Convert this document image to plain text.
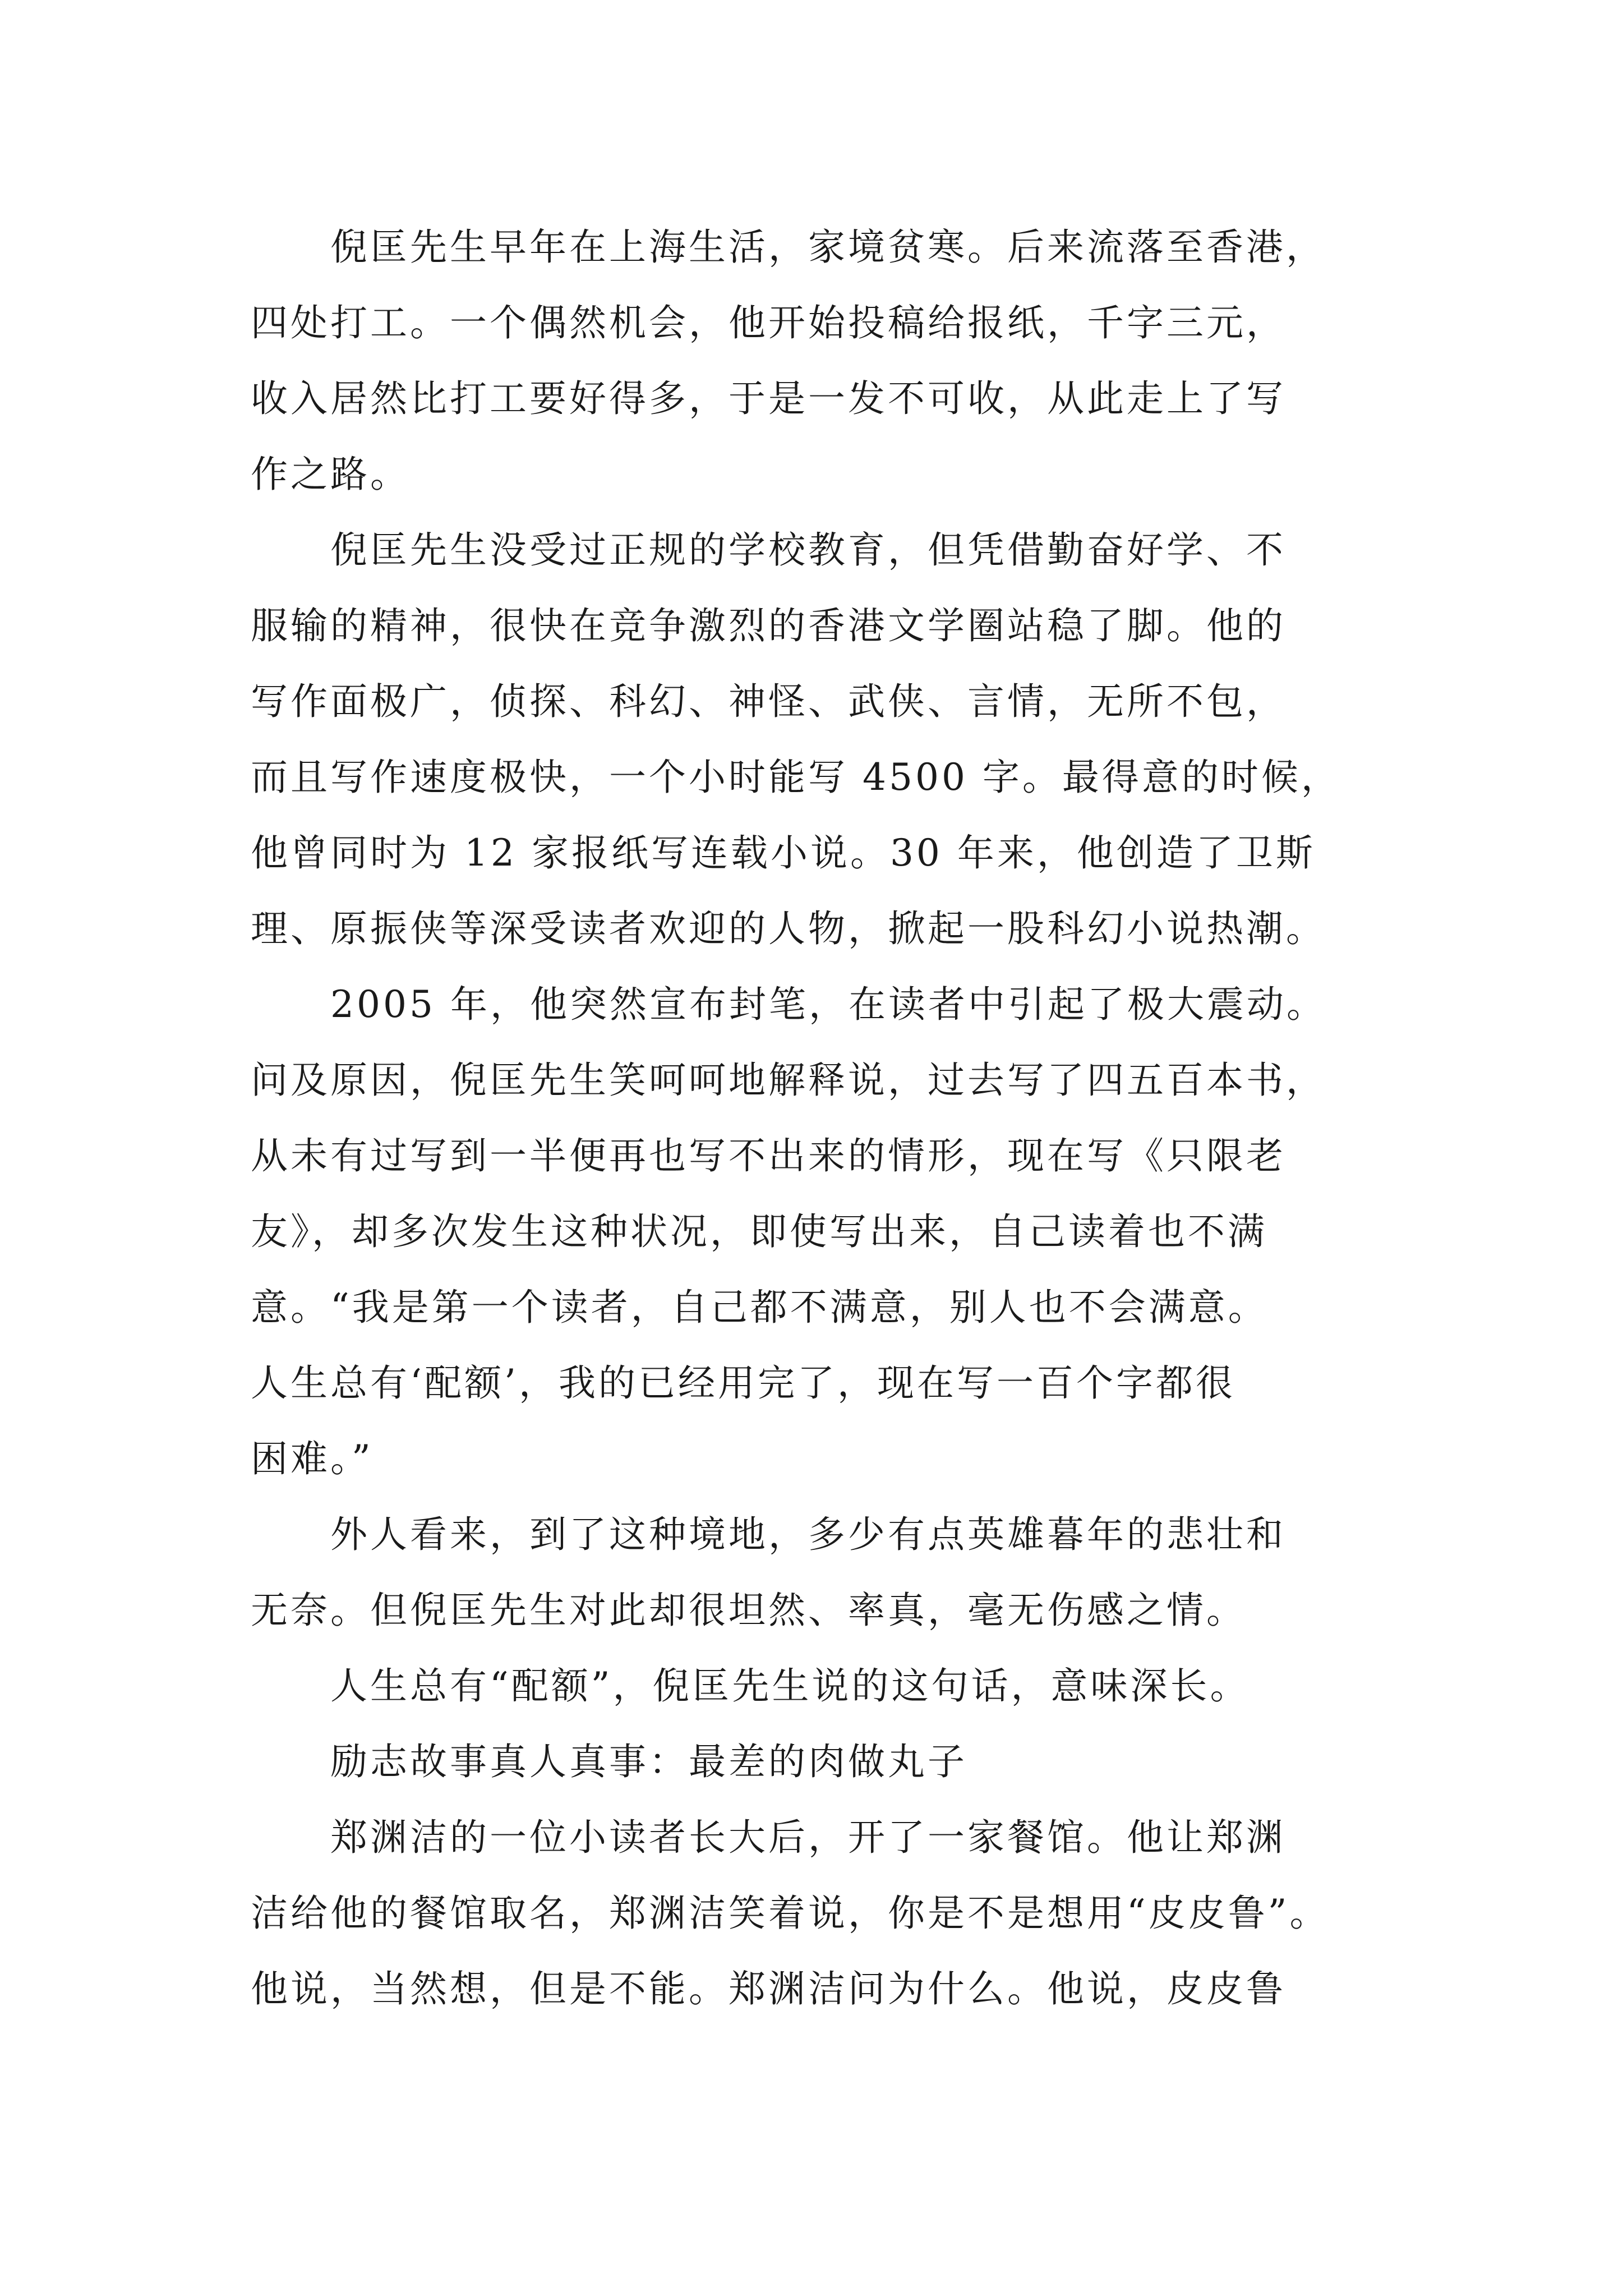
倪匡先生早年在上海生活，家境贫寒。后来流落至香港，
四处打工。一个偶然机会，他开始投稿给报纸，千字三元，
收入居然比打工要好得多，于是一发不可收，从此走上了写
作之路。
倪匡先生没受过正规的学校教育，但凭借勤奋好学、不
服输的精神，很快在竞争激烈的香港文学圈站稳了脚。他的
写作面极广，侦探、科幻、神怪、武侠、言情，无所不包，
而且写作速度极快，一个小时能写 4500 字。最得意的时候，
他曾同时为 12 家报纸写连载小说。30 年来，他创造了卫斯
理、原振侠等深受读者欢迎的人物，掀起一股科幻小说热潮。
2005 年，他突然宣布封笔，在读者中引起了极大震动。
问及原因，倪匡先生笑呵呵地解释说，过去写了四五百本书，
从未有过写到一半便再也写不出来的情形，现在写《只限老
友》，却多次发生这种状况，即使写出来，自己读着也不满
意。“我是第一个读者，自己都不满意，别人也不会满意。
人生总有‘配额’，我的已经用完了，现在写一百个字都很
困难。”
外人看来，到了这种境地，多少有点英雄暮年的悲壮和
无奈。但倪匡先生对此却很坦然、率真，毫无伤感之情。
人生总有“配额”，倪匡先生说的这句话，意味深长。
励志故事真人真事：最差的肉做丸子
郑渊洁的一位小读者长大后，开了一家餐馆。他让郑渊
洁给他的餐馆取名，郑渊洁笑着说，你是不是想用“皮皮鲁”。
他说，当然想，但是不能。郑渊洁问为什么。他说，皮皮鲁
